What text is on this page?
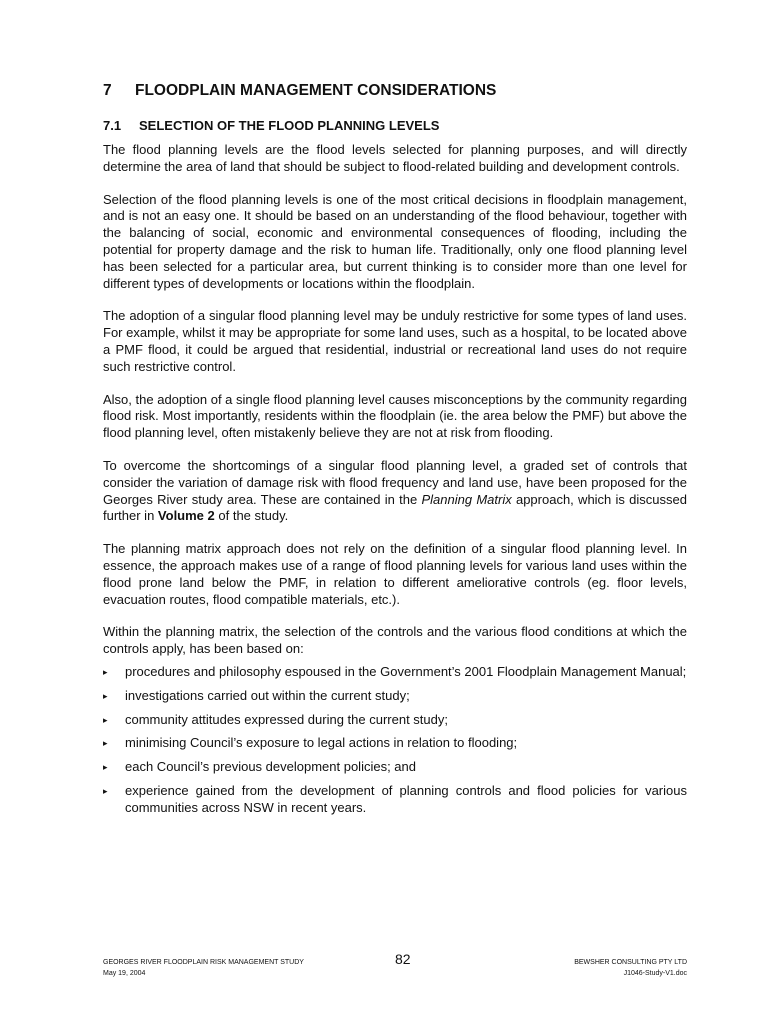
7	FLOODPLAIN MANAGEMENT CONSIDERATIONS
7.1	SELECTION OF THE FLOOD PLANNING LEVELS

The flood planning levels are the flood levels selected for planning purposes, and will directly determine the area of land that should be subject to flood-related building and development controls.

Selection of the flood planning levels is one of the most critical decisions in floodplain management, and is not an easy one. It should be based on an understanding of the flood behaviour, together with the balancing of social, economic and environmental consequences of flooding, including the potential for property damage and the risk to human life. Traditionally, only one flood planning level has been selected for a particular area, but current thinking is to consider more than one level for different types of developments or locations within the floodplain.

The adoption of a singular flood planning level may be unduly restrictive for some types of land uses. For example, whilst it may be appropriate for some land uses, such as a hospital, to be located above a PMF flood, it could be argued that residential, industrial or recreational land uses do not require such restrictive control.

Also, the adoption of a single flood planning level causes misconceptions by the community regarding flood risk. Most importantly, residents within the floodplain (ie. the area below the PMF) but above the flood planning level, often mistakenly believe they are not at risk from flooding.

To overcome the shortcomings of a singular flood planning level, a graded set of controls that consider the variation of damage risk with flood frequency and land use, have been proposed for the Georges River study area. These are contained in the Planning Matrix approach, which is discussed further in Volume 2 of the study.

The planning matrix approach does not rely on the definition of a singular flood planning level. In essence, the approach makes use of a range of flood planning levels for various land uses within the flood prone land below the PMF, in relation to different ameliorative controls (eg. floor levels, evacuation routes, flood compatible materials, etc.).

Within the planning matrix, the selection of the controls and the various flood conditions at which the controls apply, has been based on:

▸ procedures and philosophy espoused in the Government’s 2001 Floodplain Management Manual;
▸ investigations carried out within the current study;
▸ community attitudes expressed during the current study;
▸ minimising Council’s exposure to legal actions in relation to flooding;
▸ each Council’s previous development policies; and
▸ experience gained from the development of planning controls and flood policies for various communities across NSW in recent years.
GEORGES RIVER FLOODPLAIN RISK MANAGEMENT STUDY
May 19, 2004
82	BEWSHER CONSULTING PTY LTD
J1046-Study-V1.doc
